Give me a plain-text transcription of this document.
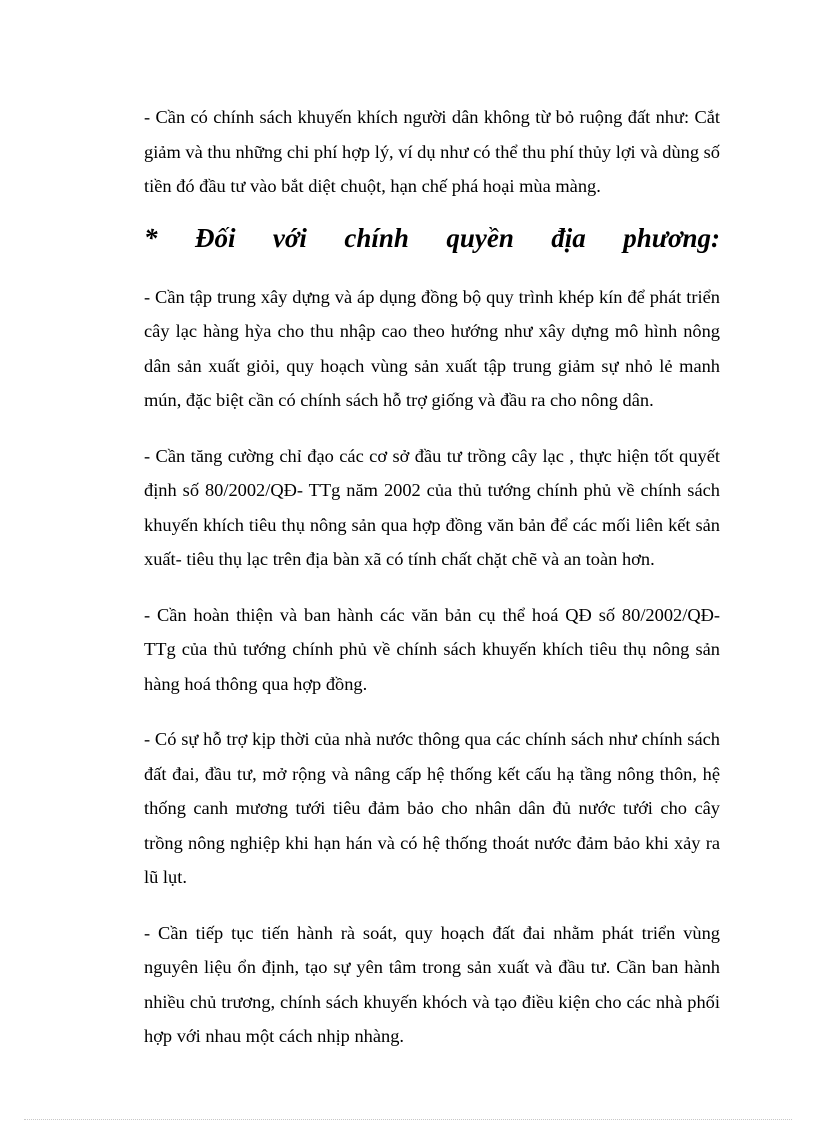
- Cần có chính sách khuyến khích người dân không từ bỏ ruộng đất như: Cắt giảm và thu những chi phí hợp lý, ví dụ như có thể thu phí thủy lợi và dùng số tiền đó đầu tư vào bắt diệt chuột, hạn chế phá hoại mùa màng.

* Đối với chính quyền địa phương:

- Cần tập trung xây dựng và áp dụng đồng bộ quy trình khép kín để phát triển cây lạc hàng hỳa cho thu nhập cao theo hướng như xây dựng mô hình nông dân sản xuất giỏi, quy hoạch vùng sản xuất tập trung giảm sự nhỏ lẻ manh mún, đặc biệt cần có chính sách hỗ trợ giống và đầu ra cho nông dân.

- Cần tăng cường chỉ đạo các cơ sở đầu tư trồng cây lạc , thực hiện tốt quyết định số 80/2002/QĐ- TTg năm 2002 của thủ tướng chính phủ về chính sách khuyến khích tiêu thụ nông sản qua hợp đồng văn bản để các mối liên kết sản xuất- tiêu thụ lạc trên địa bàn xã có tính chất chặt chẽ và an toàn hơn.

- Cần hoàn thiện và ban hành các văn bản cụ thể hoá QĐ số 80/2002/QĐ- TTg của thủ tướng chính phủ về chính sách khuyến khích tiêu thụ nông sản hàng hoá thông qua hợp đồng.

- Có sự hỗ trợ kịp thời của nhà nước thông qua các chính sách như chính sách đất đai, đầu tư, mở rộng và nâng cấp hệ thống kết cấu hạ tầng nông thôn, hệ thống canh mương tưới tiêu đảm bảo cho nhân dân đủ nước tưới cho cây trồng nông nghiệp khi hạn hán và có hệ thống thoát nước đảm bảo khi xảy ra lũ lụt.

- Cần tiếp tục tiến hành rà soát, quy hoạch đất đai nhằm phát triển vùng nguyên liệu ổn định, tạo sự yên tâm trong sản xuất và đầu tư. Cần ban hành nhiều chủ trương, chính sách khuyến khóch và tạo điều kiện cho các nhà phối hợp với nhau một cách nhịp nhàng.
